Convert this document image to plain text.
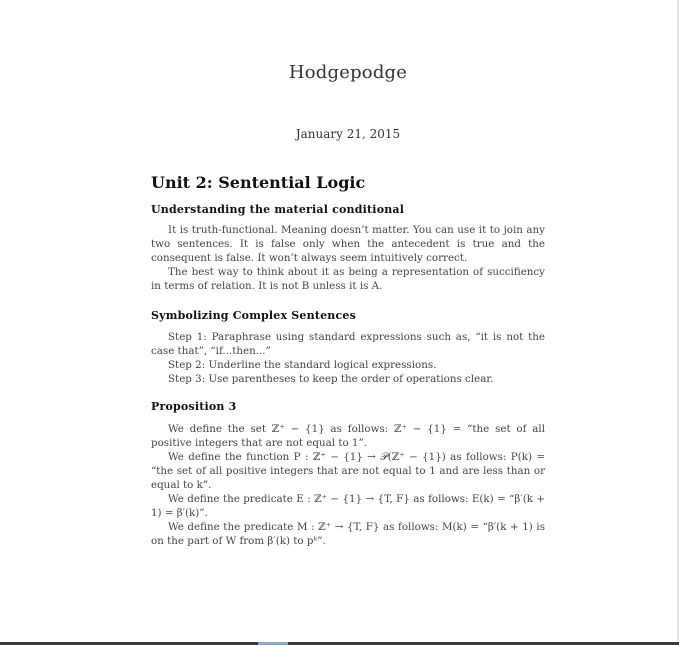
Hodgepodge
January 21, 2015
Unit 2: Sentential Logic
Understanding the material conditional

It is truth-functional. Meaning doesn’t matter. You can use it to join any two sentences. It is false only when the antecedent is true and the consequent is false. It won’t always seem intuitively correct.

The best way to think about it as being a representation of succifiency in terms of relation. It is not B unless it is A.

Symbolizing Complex Sentences

Step 1: Paraphrase using standard expressions such as, “it is not the case that”, “if...then...”

Step 2: Underline the standard logical expressions.

Step 3: Use parentheses to keep the order of operations clear.

Proposition 3

We define the set ℤ⁺ − {1} as follows: ℤ⁺ − {1} = “the set of all positive integers that are not equal to 1”.

We define the function P : ℤ⁺ − {1} → 𝒫(ℤ⁺ − {1}) as follows: P(k) = “the set of all positive integers that are not equal to 1 and are less than or equal to k”.

We define the predicate E : ℤ⁺ − {1} → {T, F} as follows: E(k) = “β′(k + 1) = β′(k)”.

We define the predicate M : ℤ⁺ → {T, F} as follows: M(k) = “β′(k + 1) is on the part of W from β′(k) to pᵏ”.
